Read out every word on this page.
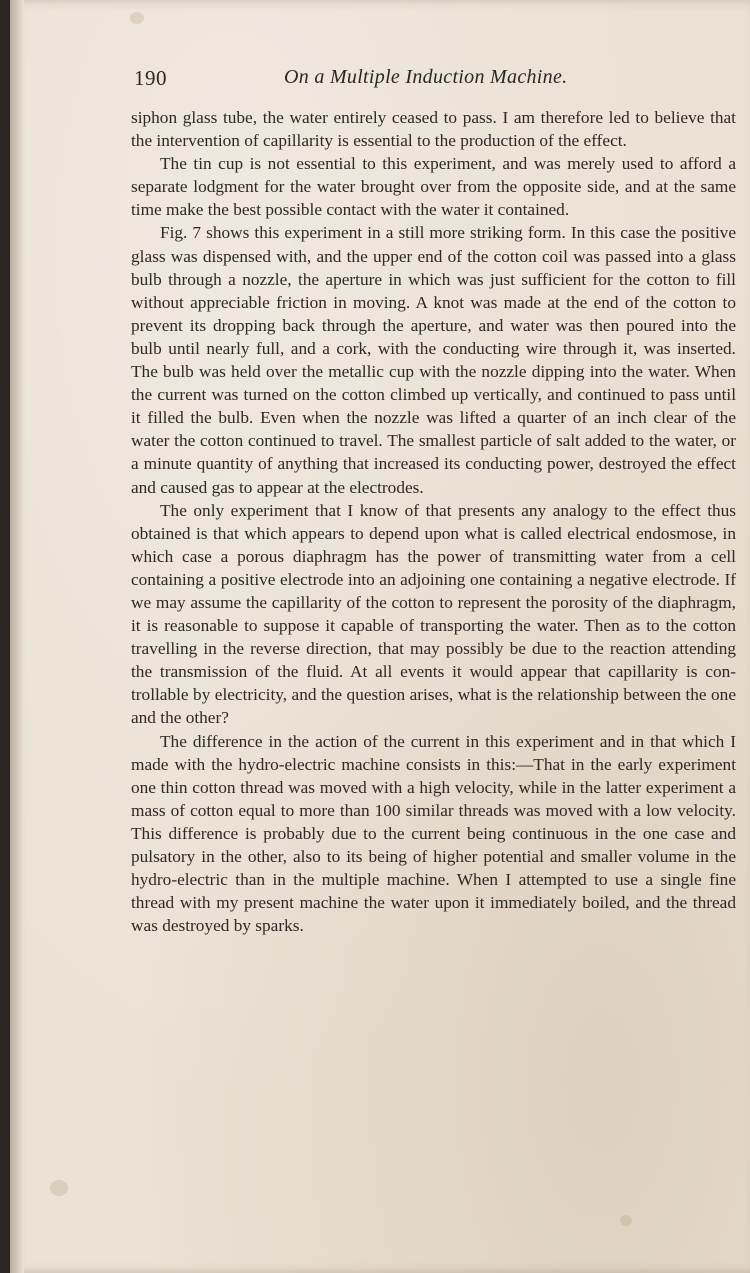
190	On a Multiple Induction Machine.

siphon glass tube, the water entirely ceased to pass. I am therefore led to believe that the intervention of capillarity is essential to the production of the effect.

The tin cup is not essential to this experiment, and was merely used to afford a separate lodgment for the water brought over from the opposite side, and at the same time make the best possible contact with the water it contained.

Fig. 7 shows this experiment in a still more striking form. In this case the positive glass was dispensed with, and the upper end of the cotton coil was passed into a glass bulb through a nozzle, the aperture in which was just sufficient for the cotton to fill without appreciable friction in moving. A knot was made at the end of the cotton to prevent its dropping back through the aperture, and water was then poured into the bulb until nearly full, and a cork, with the conducting wire through it, was inserted. The bulb was held over the metallic cup with the nozzle dipping into the water. When the current was turned on the cotton climbed up vertically, and continued to pass until it filled the bulb. Even when the nozzle was lifted a quarter of an inch clear of the water the cotton continued to travel. The smallest particle of salt added to the water, or a minute quantity of anything that increased its conducting power, destroyed the effect and caused gas to appear at the electrodes.

The only experiment that I know of that presents any analogy to the effect thus obtained is that which appears to depend upon what is called electrical endosmose, in which case a porous diaphragm has the power of transmitting water from a cell containing a positive electrode into an adjoining one containing a negative electrode. If we may assume the capillarity of the cotton to represent the porosity of the diaphragm, it is reasonable to suppose it capable of transporting the water. Then as to the cotton travelling in the reverse direction, that may possibly be due to the reaction attending the transmission of the fluid. At all events it would appear that capillarity is controllable by electricity, and the question arises, what is the relationship between the one and the other?

The difference in the action of the current in this experiment and in that which I made with the hydro-electric machine consists in this:—That in the early experiment one thin cotton thread was moved with a high velocity, while in the latter experiment a mass of cotton equal to more than 100 similar threads was moved with a low velocity. This difference is probably due to the current being continuous in the one case and pulsatory in the other, also to its being of higher potential and smaller volume in the hydro-electric than in the multiple machine. When I attempted to use a single fine thread with my present machine the water upon it immediately boiled, and the thread was destroyed by sparks.
